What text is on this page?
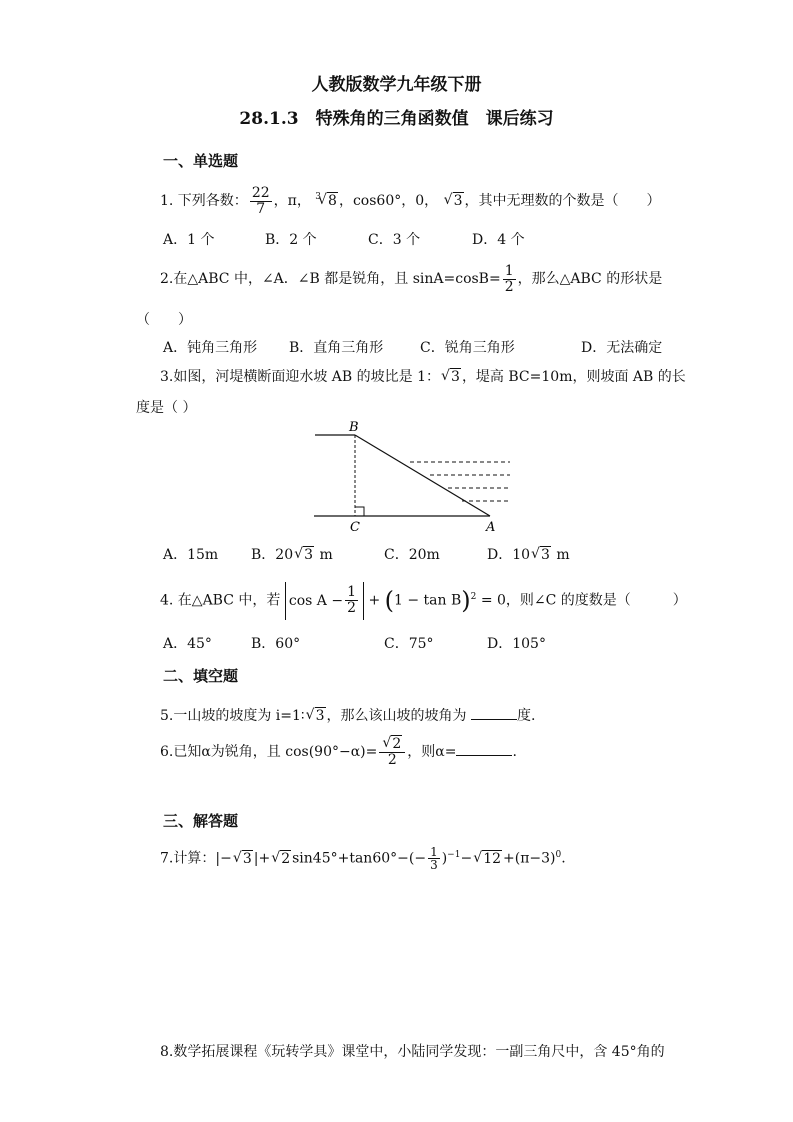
人教版数学九年级下册
28.1.3　特殊角的三角函数值　课后练习
一、单选题
1. 下列各数： $\frac{22}{7}$ ，π， $^3$√ 8 ，cos60°，0， √ 3 ，其中无理数的个数是（　　）
A．1 个	B．2 个	C．3 个	D．4 个
2.在△ABC 中，∠A．∠B 都是锐角，且 $\sin A=\cos B= \frac{1}{2}$ ，那么△ABC 的形状是
（　　）
A．钝角三角形 B．直角三角形	C．锐角三角形	D．无法确定
3.如图，河堤横断面迎水坡 AB 的坡比是 1：√ 3 ，堤高 BC=10m，则坡面 AB 的长
度是（ ）
B
C	A
A．15m B．20√ 3 m	C．20m	D．10√ 3 m
4. 在△ABC 中，若 $\cos A - \frac{1}{2} + (1 - \tan B)^2 = 0$，则∠C 的度数是（　　　）
A．45°	B．60°	C．75°	D．105°
二、填空题
5.一山坡的坡度为 i=1∶√ 3 ，那么该山坡的坡角为	度.
6.已知α为锐角，且 cos(90°−α)=
√ $\frac{2}{2}$ ，则α=	.
三、解答题
7.计算：|−√ 3 |+√ 2 $\sin 45^\circ+\tan 60^\circ-(- \frac{1}{3} )^{-1}-√$ $12 +(\pi-3)^0$.
8.数学拓展课程《玩转学具》课堂中，小陆同学发现：一副三角尺中，含 45°角的
